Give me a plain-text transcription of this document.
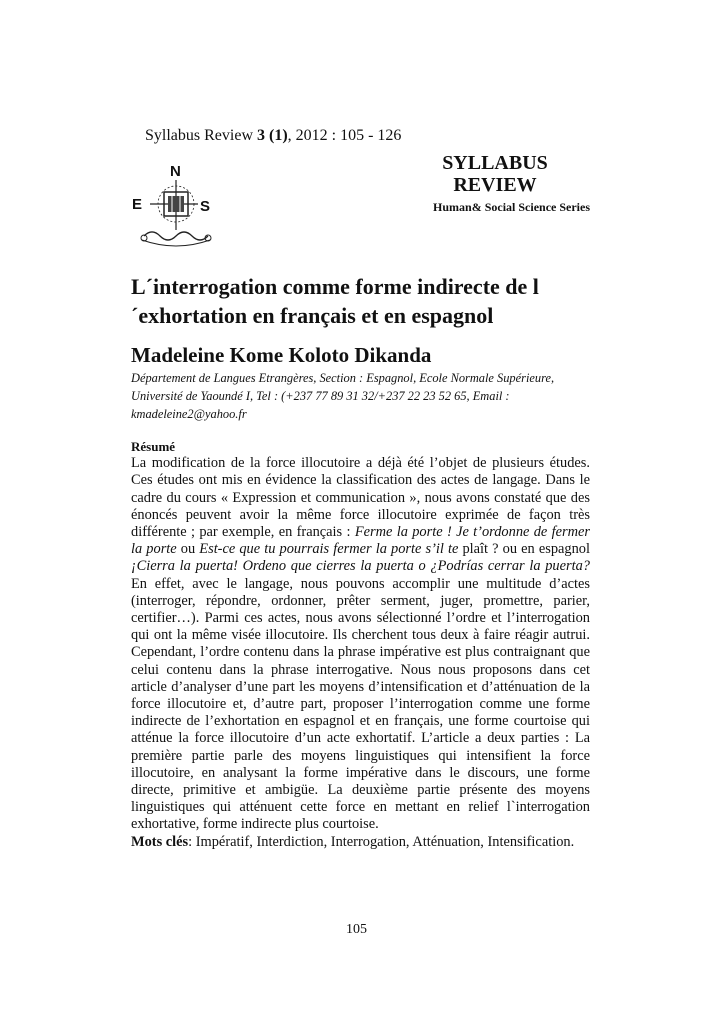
Syllabus Review 3 (1), 2012 : 105 - 126
N
E	S
SYLLABUS
REVIEW
Human& Social Science Series
L´interrogation comme forme indirecte de l´exhortation en français et en espagnol
Madeleine Kome Koloto Dikanda
Département de Langues Etrangères, Section : Espagnol, Ecole Normale Supérieure, Université de Yaoundé I, Tel : (+237 77 89 31 32/+237 22 23 52 65, Email : kmadeleine2@yahoo.fr
Résumé
La modification de la force illocutoire a déjà été l’objet de plusieurs études. Ces études ont mis en évidence la classification des actes de langage. Dans le cadre du cours « Expression et communication », nous avons constaté que des énoncés peuvent avoir la même force illocutoire exprimée de façon très différente ; par exemple, en français : Ferme la porte ! Je t’ordonne de fermer la porte ou Est-ce que tu pourrais fermer la porte s’il te plaît ? ou en espagnol ¡Cierra la puerta! Ordeno que cierres la puerta o ¿Podrías cerrar la puerta? En effet, avec le langage, nous pouvons accomplir une multitude d’actes (interroger, répondre, ordonner, prêter serment, juger, promettre, parier, certifier…). Parmi ces actes, nous avons sélectionné l’ordre et l’interrogation qui ont la même visée illocutoire. Ils cherchent tous deux à faire réagir autrui. Cependant, l’ordre contenu dans la phrase impérative est plus contraignant que celui contenu dans la phrase interrogative. Nous nous proposons dans cet article d’analyser d’une part les moyens d’intensification et d’atténuation de la force illocutoire et, d’autre part, proposer l’interrogation comme une forme indirecte de l’exhortation en espagnol et en français, une forme courtoise qui atténue la force illocutoire d’un acte exhortatif. L’article a deux parties : La première partie parle des moyens linguistiques qui intensifient la force illocutoire, en analysant la forme impérative dans le discours, une forme directe, primitive et ambigüe. La deuxième partie présente des moyens linguistiques qui atténuent cette force en mettant en relief l`interrogation exhortative, forme indirecte plus courtoise.
Mots clés: Impératif, Interdiction, Interrogation, Atténuation, Intensification.
105
